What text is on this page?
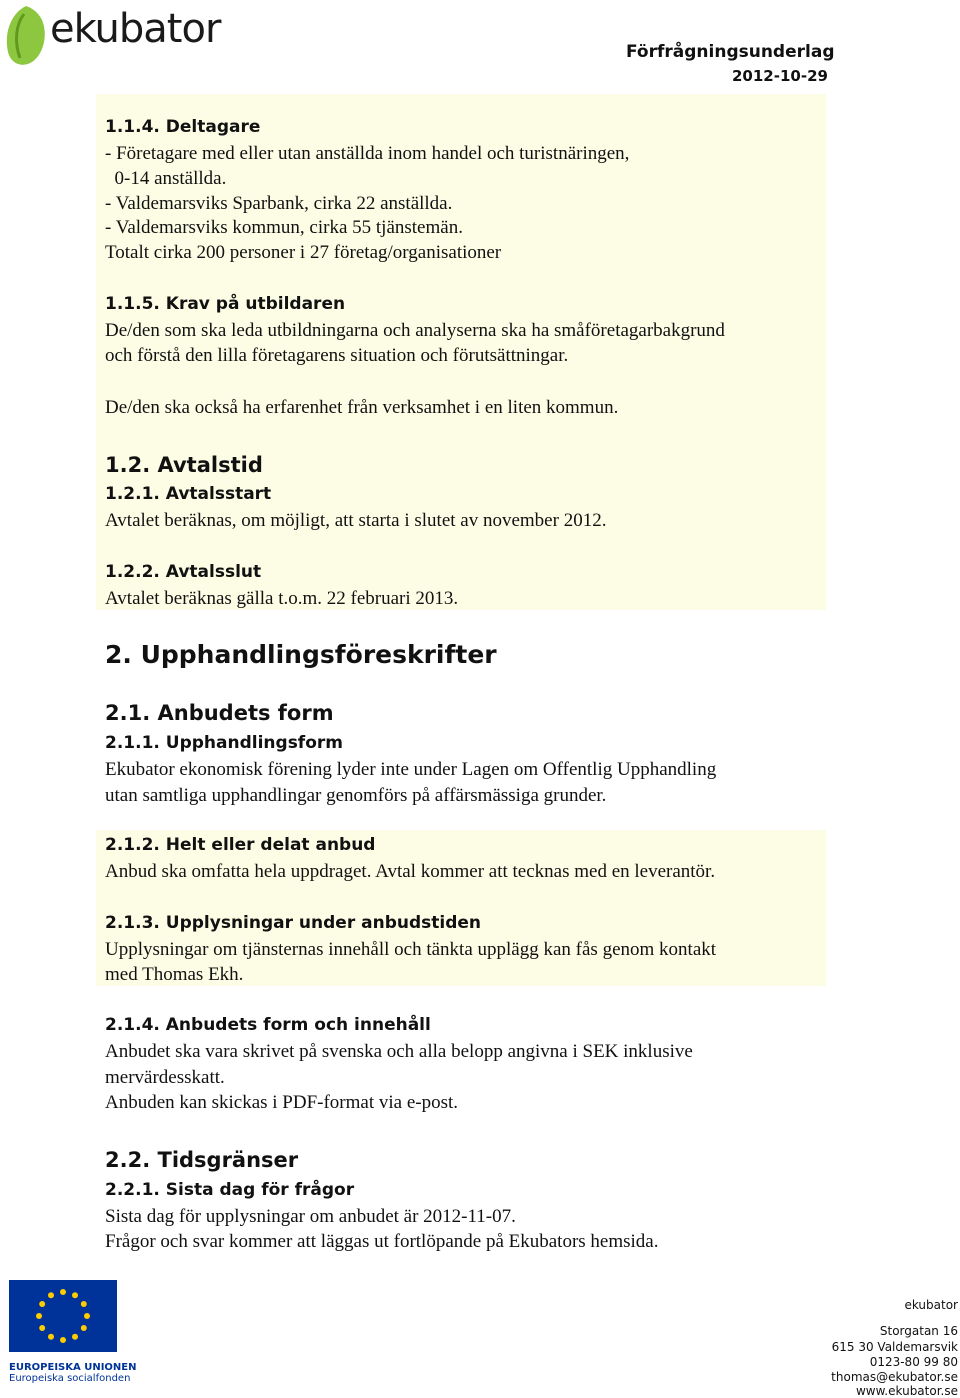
ekubator	Förfrågningsunderlag
2012-10-29
1.1.4. Deltagare
- Företagare med eller utan anställda inom handel och turistnäringen,
0-14 anställda.
- Valdemarsviks Sparbank, cirka 22 anställda.
- Valdemarsviks kommun, cirka 55 tjänstemän.
Totalt cirka 200 personer i 27 företag/organisationer
1.1.5. Krav på utbildaren
De/den som ska leda utbildningarna och analyserna ska ha småföretagarbakgrund
och förstå den lilla företagarens situation och förutsättningar.
De/den ska också ha erfarenhet från verksamhet i en liten kommun.
1.2. Avtalstid
1.2.1. Avtalsstart
Avtalet beräknas, om möjligt, att starta i slutet av november 2012.
1.2.2. Avtalsslut
Avtalet beräknas gälla t.o.m. 22 februari 2013.
2. Upphandlingsföreskrifter
2.1. Anbudets form
2.1.1. Upphandlingsform
Ekubator ekonomisk förening lyder inte under Lagen om Offentlig Upphandling
utan samtliga upphandlingar genomförs på affärsmässiga grunder.
2.1.2. Helt eller delat anbud
Anbud ska omfatta hela uppdraget. Avtal kommer att tecknas med en leverantör.
2.1.3. Upplysningar under anbudstiden
Upplysningar om tjänsternas innehåll och tänkta upplägg kan fås genom kontakt
med Thomas Ekh.
2.1.4. Anbudets form och innehåll
Anbudet ska vara skrivet på svenska och alla belopp angivna i SEK inklusive
mervärdesskatt.
Anbuden kan skickas i PDF-format via e-post.
2.2. Tidsgränser
2.2.1. Sista dag för frågor
Sista dag för upplysningar om anbudet är 2012-11-07.
Frågor och svar kommer att läggas ut fortlöpande på Ekubators hemsida.
EUROPEISKA UNIONEN
Europeiska socialfonden
ekubator
Storgatan 16
615 30 Valdemarsvik
0123-80 99 80
thomas@ekubator.se
www.ekubator.se
